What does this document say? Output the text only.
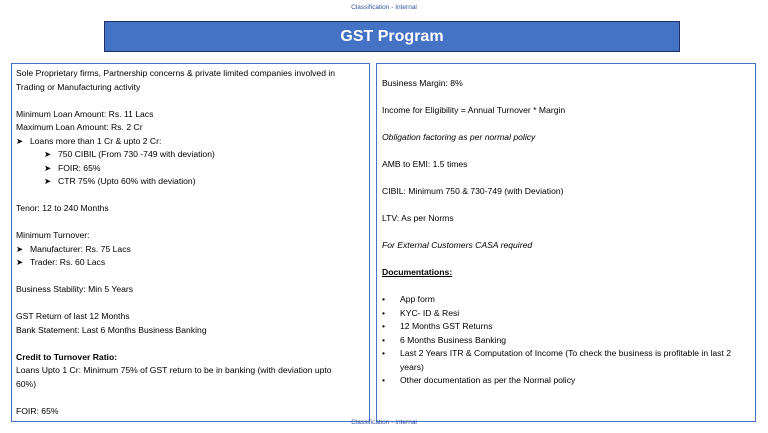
Classification - Internal
GST Program
Sole Proprietary firms, Partnership concerns & private limited companies involved in Trading or Manufacturing activity
Minimum Loan Amount: Rs. 11 Lacs
Maximum Loan Amount: Rs. 2 Cr
➤ Loans more than 1 Cr & upto 2 Cr:
➤ 750 CIBIL (From 730 -749 with deviation)
➤ FOIR: 65%
➤ CTR 75% (Upto 60% with deviation)
Tenor: 12 to 240 Months
Minimum Turnover:
➤ Manufacturer: Rs. 75 Lacs
➤ Trader: Rs. 60 Lacs
Business Stability: Min 5 Years
GST Return of last 12 Months
Bank Statement: Last 6 Months Business Banking
Credit to Turnover Ratio:
Loans Upto 1 Cr: Minimum 75% of GST return to be in banking (with deviation upto 60%)
FOIR: 65%
Business Margin: 8%
Income for Eligibility = Annual Turnover * Margin
Obligation factoring as per normal policy
AMB to EMI: 1.5 times
CIBIL: Minimum 750 & 730-749 (with Deviation)
LTV: As per Norms
For External Customers CASA required
Documentations:
•	App form
•	KYC- ID & Resi
•	12 Months GST Returns
•	6 Months Business Banking
•	Last 2 Years ITR & Computation of Income (To check the business is profitable in last 2 years)
•	Other documentation as per the Normal policy
Classification - Internal
